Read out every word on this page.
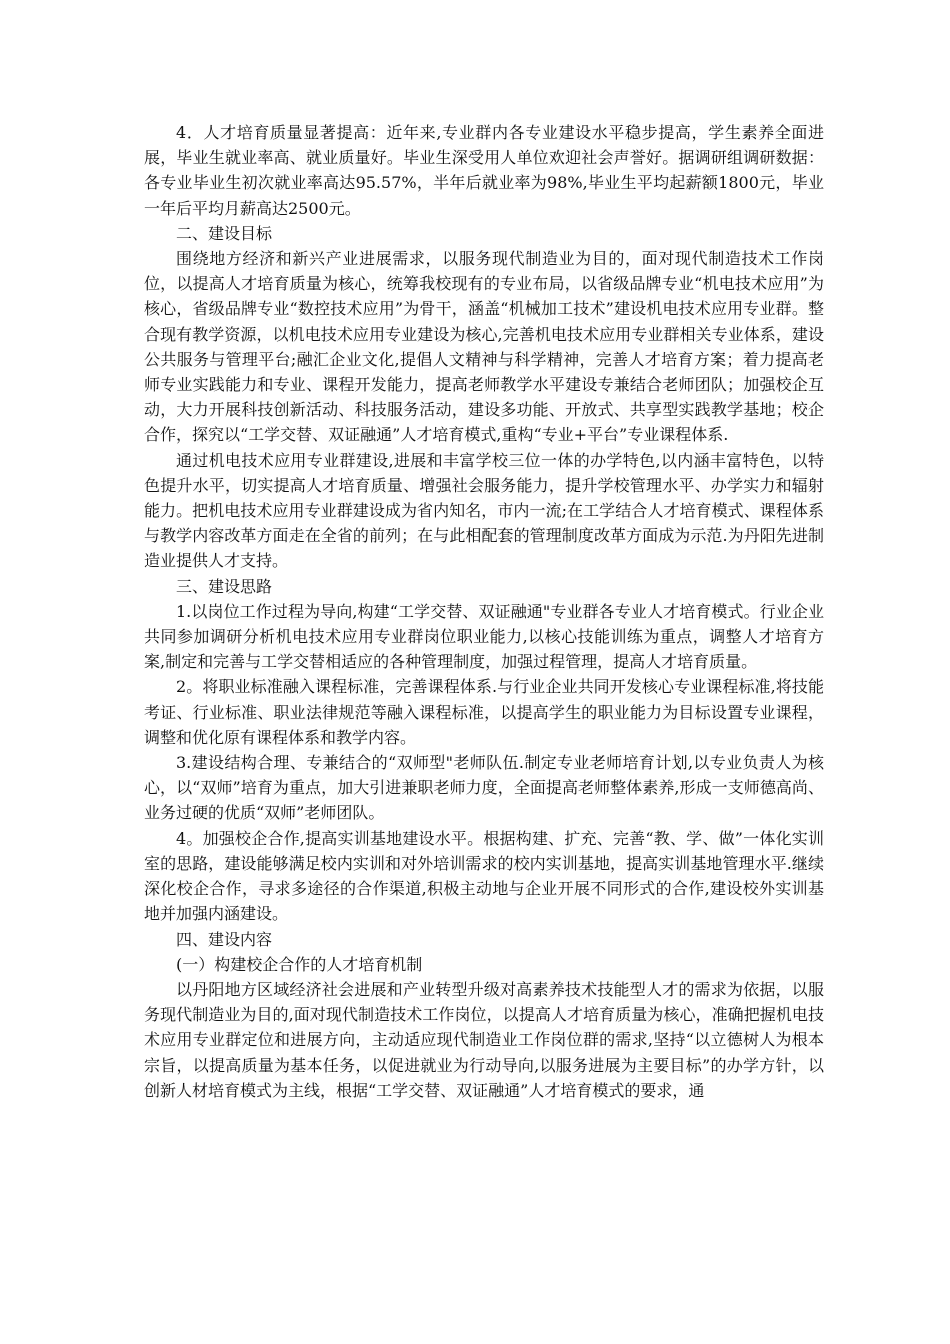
4．人才培育质量显著提高：近年来,专业群内各专业建设水平稳步提高，学生素养全面进展，毕业生就业率高、就业质量好。毕业生深受用人单位欢迎社会声誉好。据调研组调研数据：各专业毕业生初次就业率高达95.57%，半年后就业率为98%,毕业生平均起薪额1800元，毕业一年后平均月薪高达2500元。

二、建设目标

围绕地方经济和新兴产业进展需求，以服务现代制造业为目的，面对现代制造技术工作岗位，以提高人才培育质量为核心，统筹我校现有的专业布局，以省级品牌专业“机电技术应用”为核心，省级品牌专业“数控技术应用”为骨干，涵盖“机械加工技术”建设机电技术应用专业群。整合现有教学资源，以机电技术应用专业建设为核心,完善机电技术应用专业群相关专业体系，建设公共服务与管理平台;融汇企业文化,提倡人文精神与科学精神，完善人才培育方案；着力提高老师专业实践能力和专业、课程开发能力，提高老师教学水平建设专兼结合老师团队；加强校企互动，大力开展科技创新活动、科技服务活动，建设多功能、开放式、共享型实践教学基地；校企合作，探究以“工学交替、双证融通”人才培育模式,重构“专业+平台”专业课程体系.

通过机电技术应用专业群建设,进展和丰富学校三位一体的办学特色,以内涵丰富特色，以特色提升水平，切实提高人才培育质量、增强社会服务能力，提升学校管理水平、办学实力和辐射能力。把机电技术应用专业群建设成为省内知名，市内一流;在工学结合人才培育模式、课程体系与教学内容改革方面走在全省的前列；在与此相配套的管理制度改革方面成为示范.为丹阳先进制造业提供人才支持。

三、建设思路

1.以岗位工作过程为导向,构建“工学交替、双证融通"专业群各专业人才培育模式。行业企业共同参加调研分析机电技术应用专业群岗位职业能力,以核心技能训练为重点，调整人才培育方案,制定和完善与工学交替相适应的各种管理制度，加强过程管理，提高人才培育质量。

2。将职业标准融入课程标准，完善课程体系.与行业企业共同开发核心专业课程标准,将技能考证、行业标准、职业法律规范等融入课程标准，以提高学生的职业能力为目标设置专业课程，调整和优化原有课程体系和教学内容。

3.建设结构合理、专兼结合的“双师型"老师队伍.制定专业老师培育计划,以专业负责人为核心，以“双师”培育为重点，加大引进兼职老师力度，全面提高老师整体素养,形成一支师德高尚、业务过硬的优质“双师”老师团队。

4。加强校企合作,提高实训基地建设水平。根据构建、扩充、完善“教、学、做”一体化实训室的思路，建设能够满足校内实训和对外培训需求的校内实训基地，提高实训基地管理水平.继续深化校企合作，寻求多途径的合作渠道,积极主动地与企业开展不同形式的合作,建设校外实训基地并加强内涵建设。

四、建设内容

(一）构建校企合作的人才培育机制

以丹阳地方区域经济社会进展和产业转型升级对高素养技术技能型人才的需求为依据，以服务现代制造业为目的,面对现代制造技术工作岗位，以提高人才培育质量为核心，准确把握机电技术应用专业群定位和进展方向，主动适应现代制造业工作岗位群的需求,坚持“以立德树人为根本宗旨，以提高质量为基本任务，以促进就业为行动导向,以服务进展为主要目标”的办学方针，以创新人材培育模式为主线，根据“工学交替、双证融通”人才培育模式的要求，通
